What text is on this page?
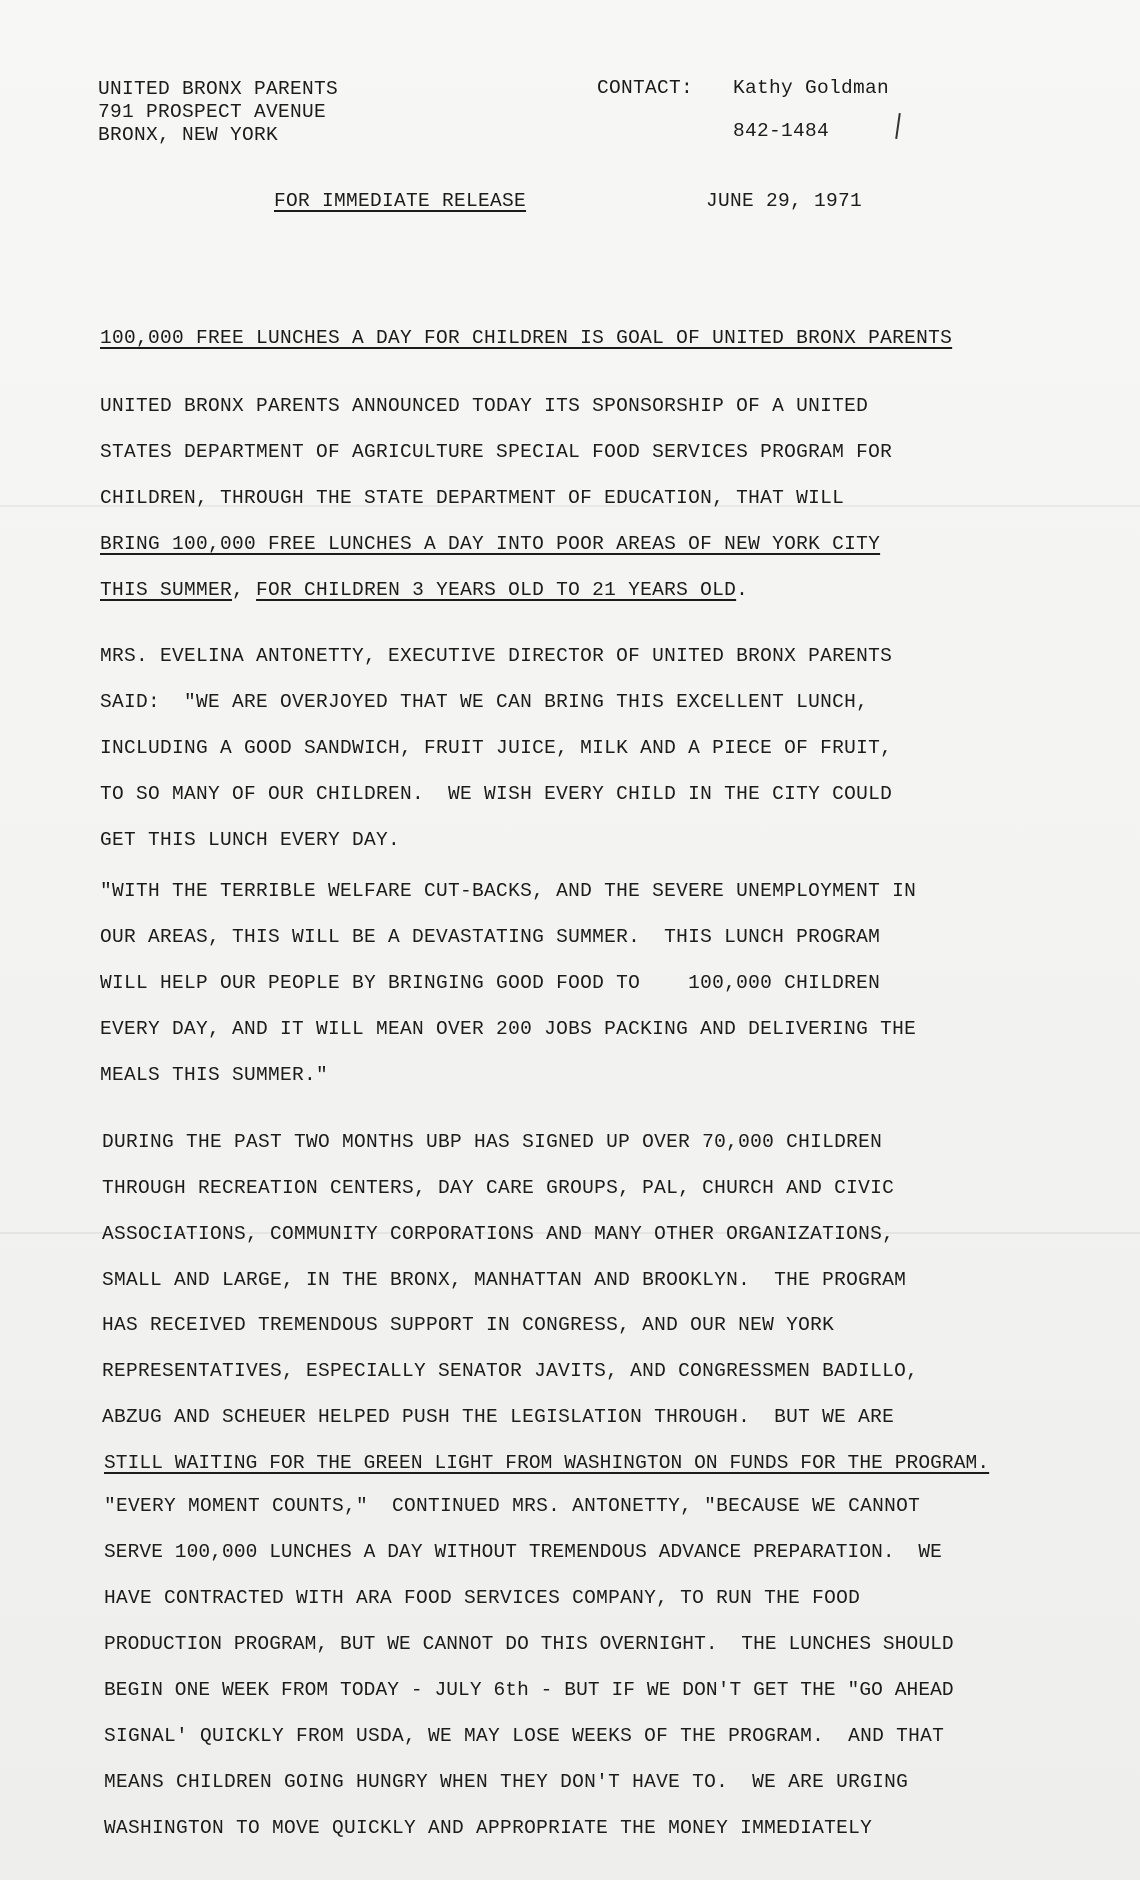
UNITED BRONX PARENTS
791 PROSPECT AVENUE
BRONX, NEW YORK
CONTACT: Kathy Goldman
842-1484
FOR IMMEDIATE RELEASE	JUNE 29, 1971
100,000 FREE LUNCHES A DAY FOR CHILDREN IS GOAL OF UNITED BRONX PARENTS
UNITED BRONX PARENTS ANNOUNCED TODAY ITS SPONSORSHIP OF A UNITED
STATES DEPARTMENT OF AGRICULTURE SPECIAL FOOD SERVICES PROGRAM FOR
CHILDREN, THROUGH THE STATE DEPARTMENT OF EDUCATION, THAT WILL
BRING 100,000 FREE LUNCHES A DAY INTO POOR AREAS OF NEW YORK CITY
THIS SUMMER, FOR CHILDREN 3 YEARS OLD TO 21 YEARS OLD.
MRS. EVELINA ANTONETTY, EXECUTIVE DIRECTOR OF UNITED BRONX PARENTS
SAID:  "WE ARE OVERJOYED THAT WE CAN BRING THIS EXCELLENT LUNCH,
INCLUDING A GOOD SANDWICH, FRUIT JUICE, MILK AND A PIECE OF FRUIT,
TO SO MANY OF OUR CHILDREN.  WE WISH EVERY CHILD IN THE CITY COULD
GET THIS LUNCH EVERY DAY.
"WITH THE TERRIBLE WELFARE CUT-BACKS, AND THE SEVERE UNEMPLOYMENT IN
OUR AREAS, THIS WILL BE A DEVASTATING SUMMER.  THIS LUNCH PROGRAM
WILL HELP OUR PEOPLE BY BRINGING GOOD FOOD TO    100,000 CHILDREN
EVERY DAY, AND IT WILL MEAN OVER 200 JOBS PACKING AND DELIVERING THE
MEALS THIS SUMMER."
DURING THE PAST TWO MONTHS UBP HAS SIGNED UP OVER 70,000 CHILDREN
THROUGH RECREATION CENTERS, DAY CARE GROUPS, PAL, CHURCH AND CIVIC
ASSOCIATIONS, COMMUNITY CORPORATIONS AND MANY OTHER ORGANIZATIONS,
SMALL AND LARGE, IN THE BRONX, MANHATTAN AND BROOKLYN.  THE PROGRAM
HAS RECEIVED TREMENDOUS SUPPORT IN CONGRESS, AND OUR NEW YORK
REPRESENTATIVES, ESPECIALLY SENATOR JAVITS, AND CONGRESSMEN BADILLO,
ABZUG AND SCHEUER HELPED PUSH THE LEGISLATION THROUGH.  BUT WE ARE
STILL WAITING FOR THE GREEN LIGHT FROM WASHINGTON ON FUNDS FOR THE PROGRAM.
"EVERY MOMENT COUNTS,"  CONTINUED MRS. ANTONETTY, "BECAUSE WE CANNOT
SERVE 100,000 LUNCHES A DAY WITHOUT TREMENDOUS ADVANCE PREPARATION.  WE
HAVE CONTRACTED WITH ARA FOOD SERVICES COMPANY, TO RUN THE FOOD
PRODUCTION PROGRAM, BUT WE CANNOT DO THIS OVERNIGHT.  THE LUNCHES SHOULD
BEGIN ONE WEEK FROM TODAY - JULY 6th - BUT IF WE DON'T GET THE "GO AHEAD
SIGNAL' QUICKLY FROM USDA, WE MAY LOSE WEEKS OF THE PROGRAM.  AND THAT
MEANS CHILDREN GOING HUNGRY WHEN THEY DON'T HAVE TO.  WE ARE URGING
WASHINGTON TO MOVE QUICKLY AND APPROPRIATE THE MONEY IMMEDIATELY
